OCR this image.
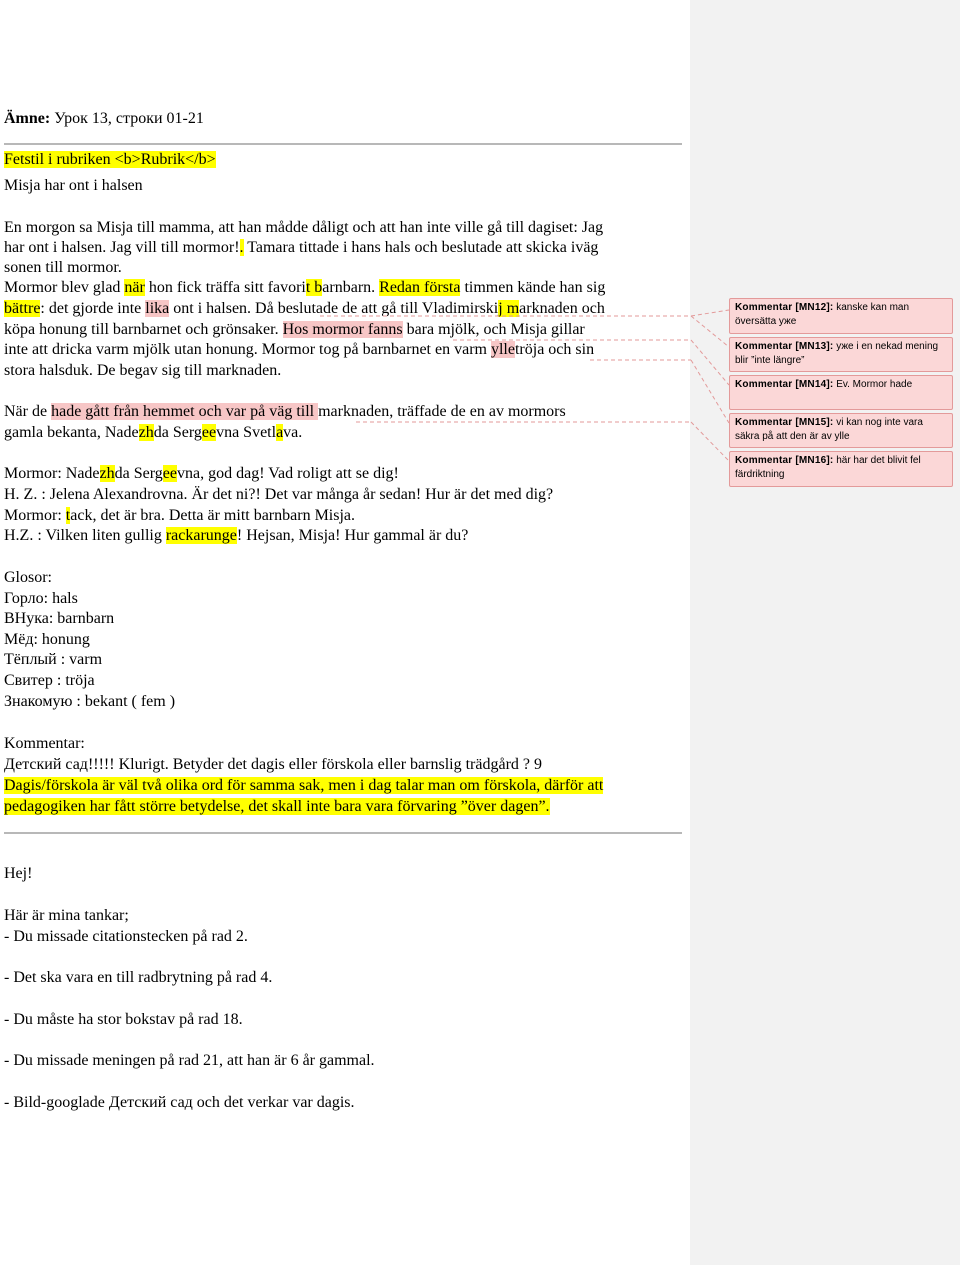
Ämne: Урок 13, строки 01-21
Fetstil i rubriken <b>Rubrik</b>
Misja har ont i halsen
En morgon sa Misja till mamma, att han mådde dåligt och att han inte ville gå till dagiset: Jag
har ont i halsen. Jag vill till mormor!. Tamara tittade i hans hals och beslutade att skicka iväg
sonen till mormor.
Mormor blev glad när hon fick träffa sitt favorit barnbarn. Redan första timmen kände han sig
bättre: det gjorde inte lika ont i halsen. Då beslutade de att gå till Vladimirskij marknaden och
köpa honung till barnbarnet och grönsaker. Hos mormor fanns bara mjölk, och Misja gillar
inte att dricka varm mjölk utan honung. Mormor tog på barnbarnet en varm ylletröja och sin
stora halsduk. De begav sig till marknaden.
När de hade gått från hemmet och var på väg till marknaden, träffade de en av mormors
gamla bekanta, Nadezhda Sergeevna Svetlava.
Mormor: Nadezhda Sergeevna, god dag! Vad roligt att se dig!
H. Z. : Jelena Alexandrovna. Är det ni?! Det var många år sedan! Hur är det med dig?
Mormor: tack, det är bra. Detta är mitt barnbarn Misja.
H.Z. : Vilken liten gullig rackarunge! Hejsan, Misja! Hur gammal är du?
Glosor:
Горло: hals
ВНука: barnbarn
Мёд: honung
Тёплый : varm
Свитер : tröja
Знакомую : bekant ( fem )
Kommentar:
Детский сад!!!!! Klurigt. Betyder det dagis eller förskola eller barnslig trädgård ? 9
Dagis/förskola är väl två olika ord för samma sak, men i dag talar man om förskola, därför att
pedagogiken har fått större betydelse, det skall inte bara vara förvaring ”över dagen”.
Hej!
Här är mina tankar;
- Du missade citationstecken på rad 2.
- Det ska vara en till radbrytning på rad 4.
- Du måste ha stor bokstav på rad 18.
- Du missade meningen på rad 21, att han är 6 år gammal.
- Bild-googlade Детский сад och det verkar var dagis.
Kommentar [MN12]: kanske kan man översätta уже
Kommentar [MN13]: уже i en nekad mening blir ”inte längre”
Kommentar [MN14]: Ev. Mormor hade
Kommentar [MN15]: vi kan nog inte vara säkra på att den är av ylle
Kommentar [MN16]: här har det blivit fel färdriktning
